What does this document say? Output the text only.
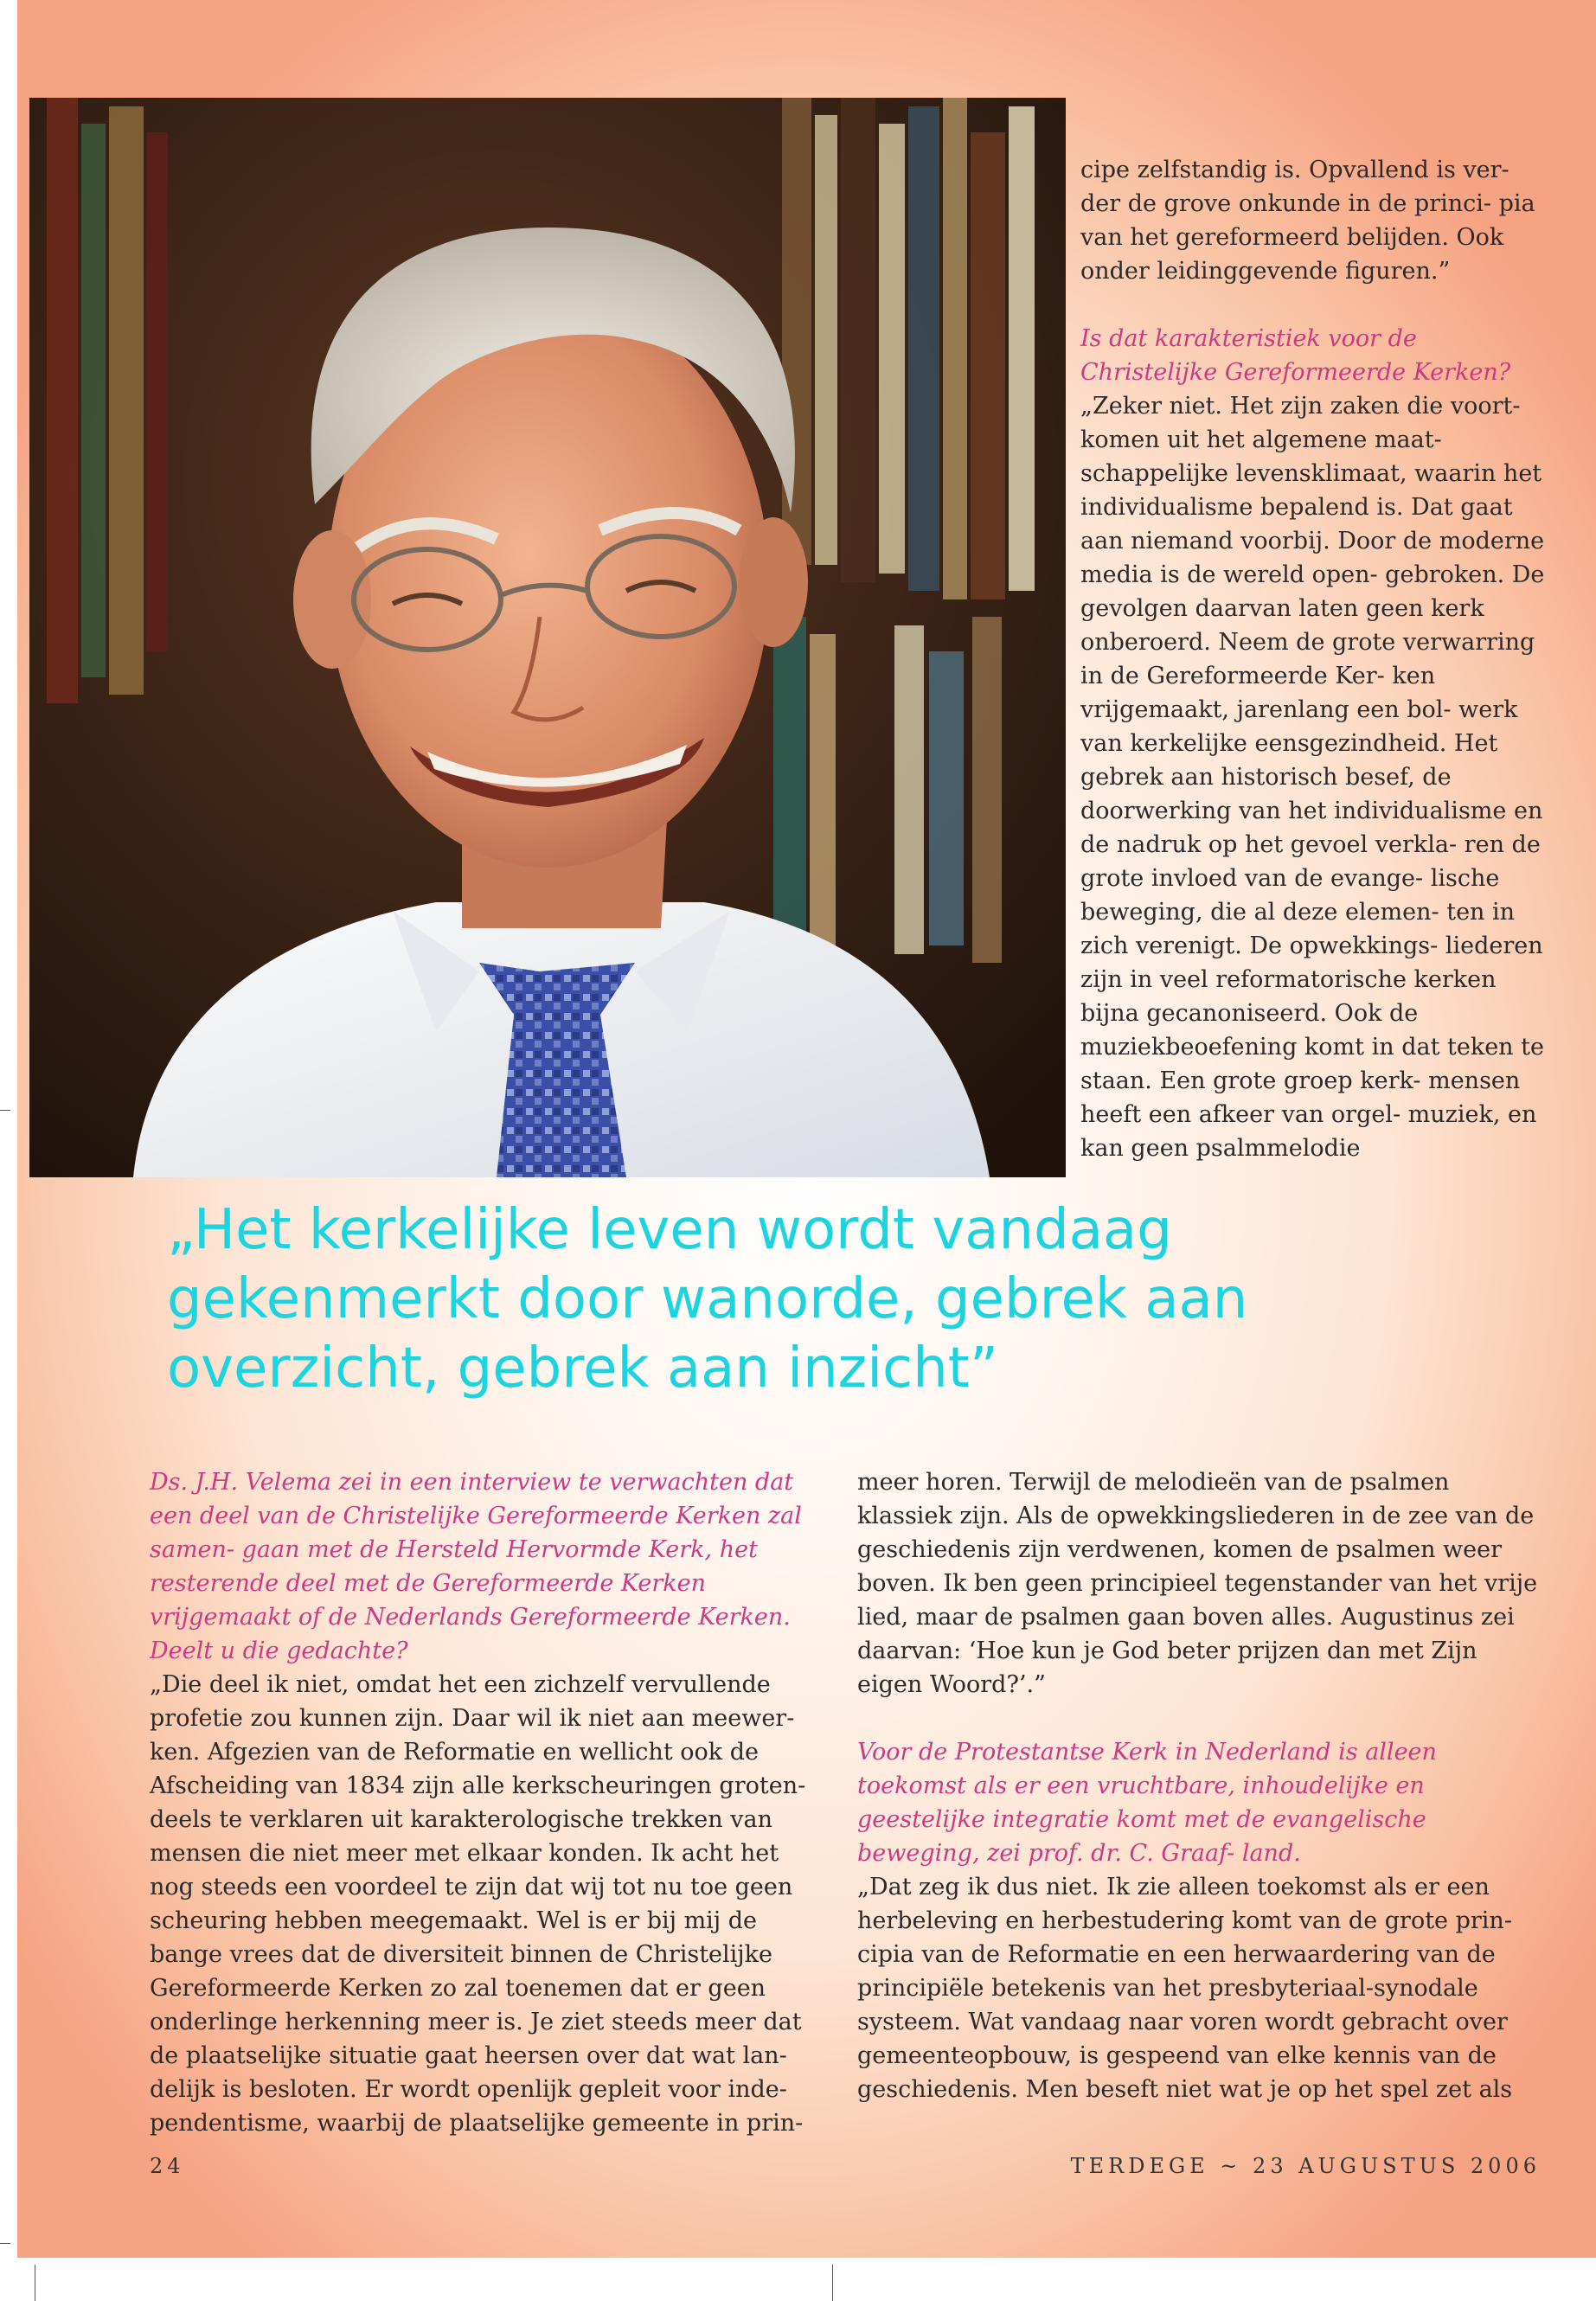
cipe zelfstandig is. Opvallend is ver- der de grove onkunde in de princi- pia van het gereformeerd belijden. Ook onder leidinggevende figuren.”

Is dat karakteristiek voor de Christelijke Gereformeerde Kerken?

„Zeker niet. Het zijn zaken die voort- komen uit het algemene maat- schappelijke levensklimaat, waarin het individualisme bepalend is. Dat gaat aan niemand voorbij. Door de moderne media is de wereld open- gebroken. De gevolgen daarvan laten geen kerk onberoerd. Neem de grote verwarring in de Gereformeerde Ker- ken vrijgemaakt, jarenlang een bol- werk van kerkelijke eensgezindheid. Het gebrek aan historisch besef, de doorwerking van het individualisme en de nadruk op het gevoel verkla- ren de grote invloed van de evange- lische beweging, die al deze elemen- ten in zich verenigt. De opwekkings- liederen zijn in veel reformatorische kerken bijna gecanoniseerd. Ook de muziekbeoefening komt in dat teken te staan. Een grote groep kerk- mensen heeft een afkeer van orgel- muziek, en kan geen psalmmelodie

„Het kerkelijke leven wordt vandaag gekenmerkt door wanorde, gebrek aan overzicht, gebrek aan inzicht”

Ds. J.H. Velema zei in een interview te verwachten dat een deel van de Christelijke Gereformeerde Kerken zal samen- gaan met de Hersteld Hervormde Kerk, het resterende deel met de Gereformeerde Kerken vrijgemaakt of de Nederlands Gereformeerde Kerken. Deelt u die gedachte?

„Die deel ik niet, omdat het een zichzelf vervullende profetie zou kunnen zijn. Daar wil ik niet aan meewer- ken. Afgezien van de Reformatie en wellicht ook de Afscheiding van 1834 zijn alle kerkscheuringen groten- deels te verklaren uit karakterologische trekken van mensen die niet meer met elkaar konden. Ik acht het nog steeds een voordeel te zijn dat wij tot nu toe geen scheuring hebben meegemaakt. Wel is er bij mij de bange vrees dat de diversiteit binnen de Christelijke Gereformeerde Kerken zo zal toenemen dat er geen onderlinge herkenning meer is. Je ziet steeds meer dat de plaatselijke situatie gaat heersen over dat wat lan- delijk is besloten. Er wordt openlijk gepleit voor inde- pendentisme, waarbij de plaatselijke gemeente in prin-

meer horen. Terwijl de melodieën van de psalmen klassiek zijn. Als de opwekkingsliederen in de zee van de geschiedenis zijn verdwenen, komen de psalmen weer boven. Ik ben geen principieel tegenstander van het vrije lied, maar de psalmen gaan boven alles. Augustinus zei daarvan: ‘Hoe kun je God beter prijzen dan met Zijn eigen Woord?’.”

Voor de Protestantse Kerk in Nederland is alleen toekomst als er een vruchtbare, inhoudelijke en geestelijke integratie komt met de evangelische beweging, zei prof. dr. C. Graaf- land.

„Dat zeg ik dus niet. Ik zie alleen toekomst als er een herbeleving en herbestudering komt van de grote prin- cipia van de Reformatie en een herwaardering van de principiële betekenis van het presbyteriaal-synodale systeem. Wat vandaag naar voren wordt gebracht over gemeenteopbouw, is gespeend van elke kennis van de geschiedenis. Men beseft niet wat je op het spel zet als

24	TERDEGE ~ 23 AUGUSTUS 2006
